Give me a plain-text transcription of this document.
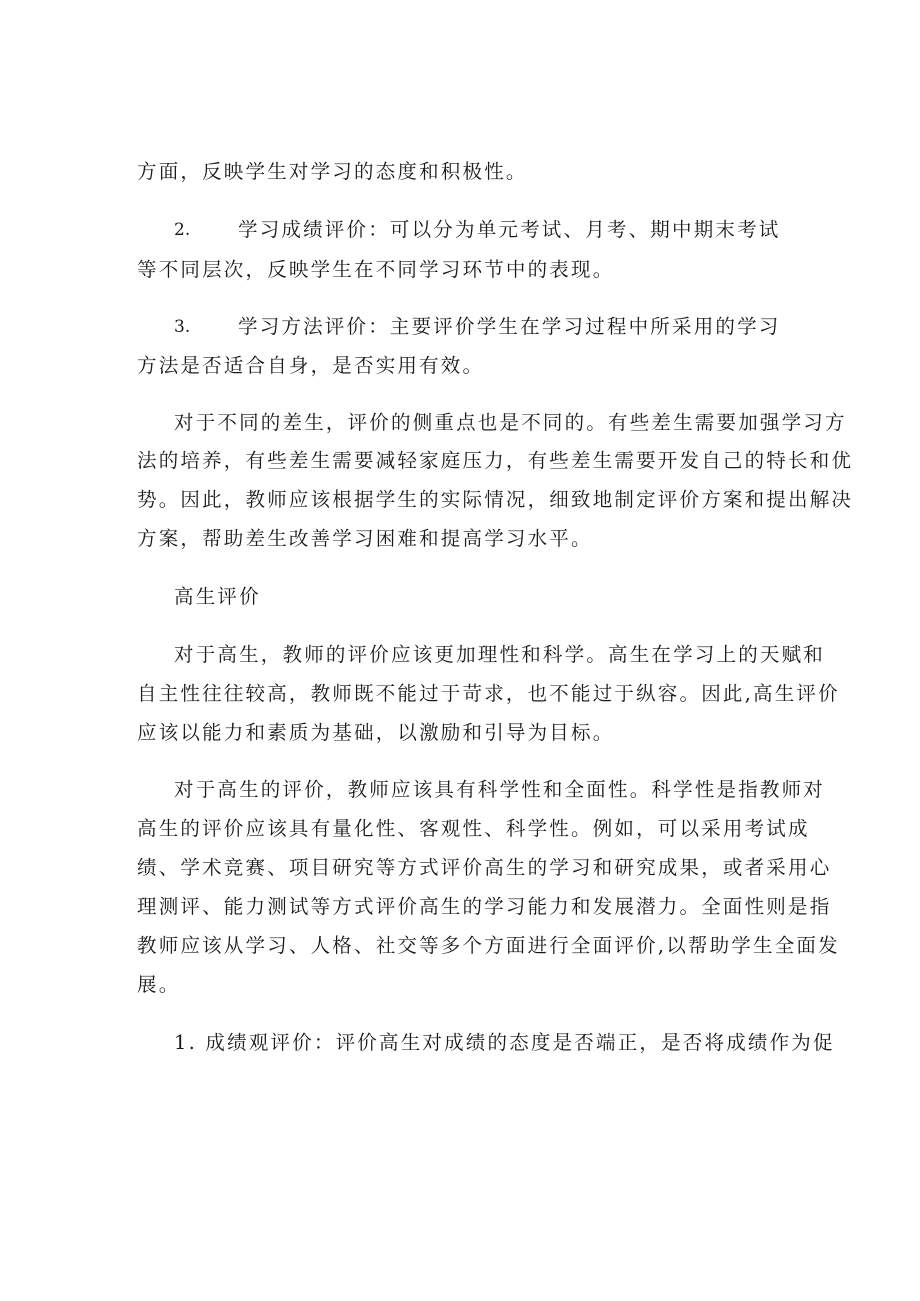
方面，反映学生对学习的态度和积极性。
2. 学习成绩评价：可以分为单元考试、月考、期中期末考试
等不同层次，反映学生在不同学习环节中的表现。
3. 学习方法评价：主要评价学生在学习过程中所采用的学习
方法是否适合自身，是否实用有效。
对于不同的差生，评价的侧重点也是不同的。有些差生需要加强学习方
法的培养，有些差生需要减轻家庭压力，有些差生需要开发自己的特长和优
势。因此，教师应该根据学生的实际情况，细致地制定评价方案和提出解决
方案，帮助差生改善学习困难和提高学习水平。
高生评价
对于高生，教师的评价应该更加理性和科学。高生在学习上的天赋和
自主性往往较高，教师既不能过于苛求，也不能过于纵容。因此,高生评价
应该以能力和素质为基础，以激励和引导为目标。
对于高生的评价，教师应该具有科学性和全面性。科学性是指教师对
高生的评价应该具有量化性、客观性、科学性。例如，可以采用考试成
绩、学术竞赛、项目研究等方式评价高生的学习和研究成果，或者采用心
理测评、能力测试等方式评价高生的学习能力和发展潜力。全面性则是指
教师应该从学习、人格、社交等多个方面进行全面评价,以帮助学生全面发
展。
1. 成绩观评价：评价高生对成绩的态度是否端正，是否将成绩作为促
